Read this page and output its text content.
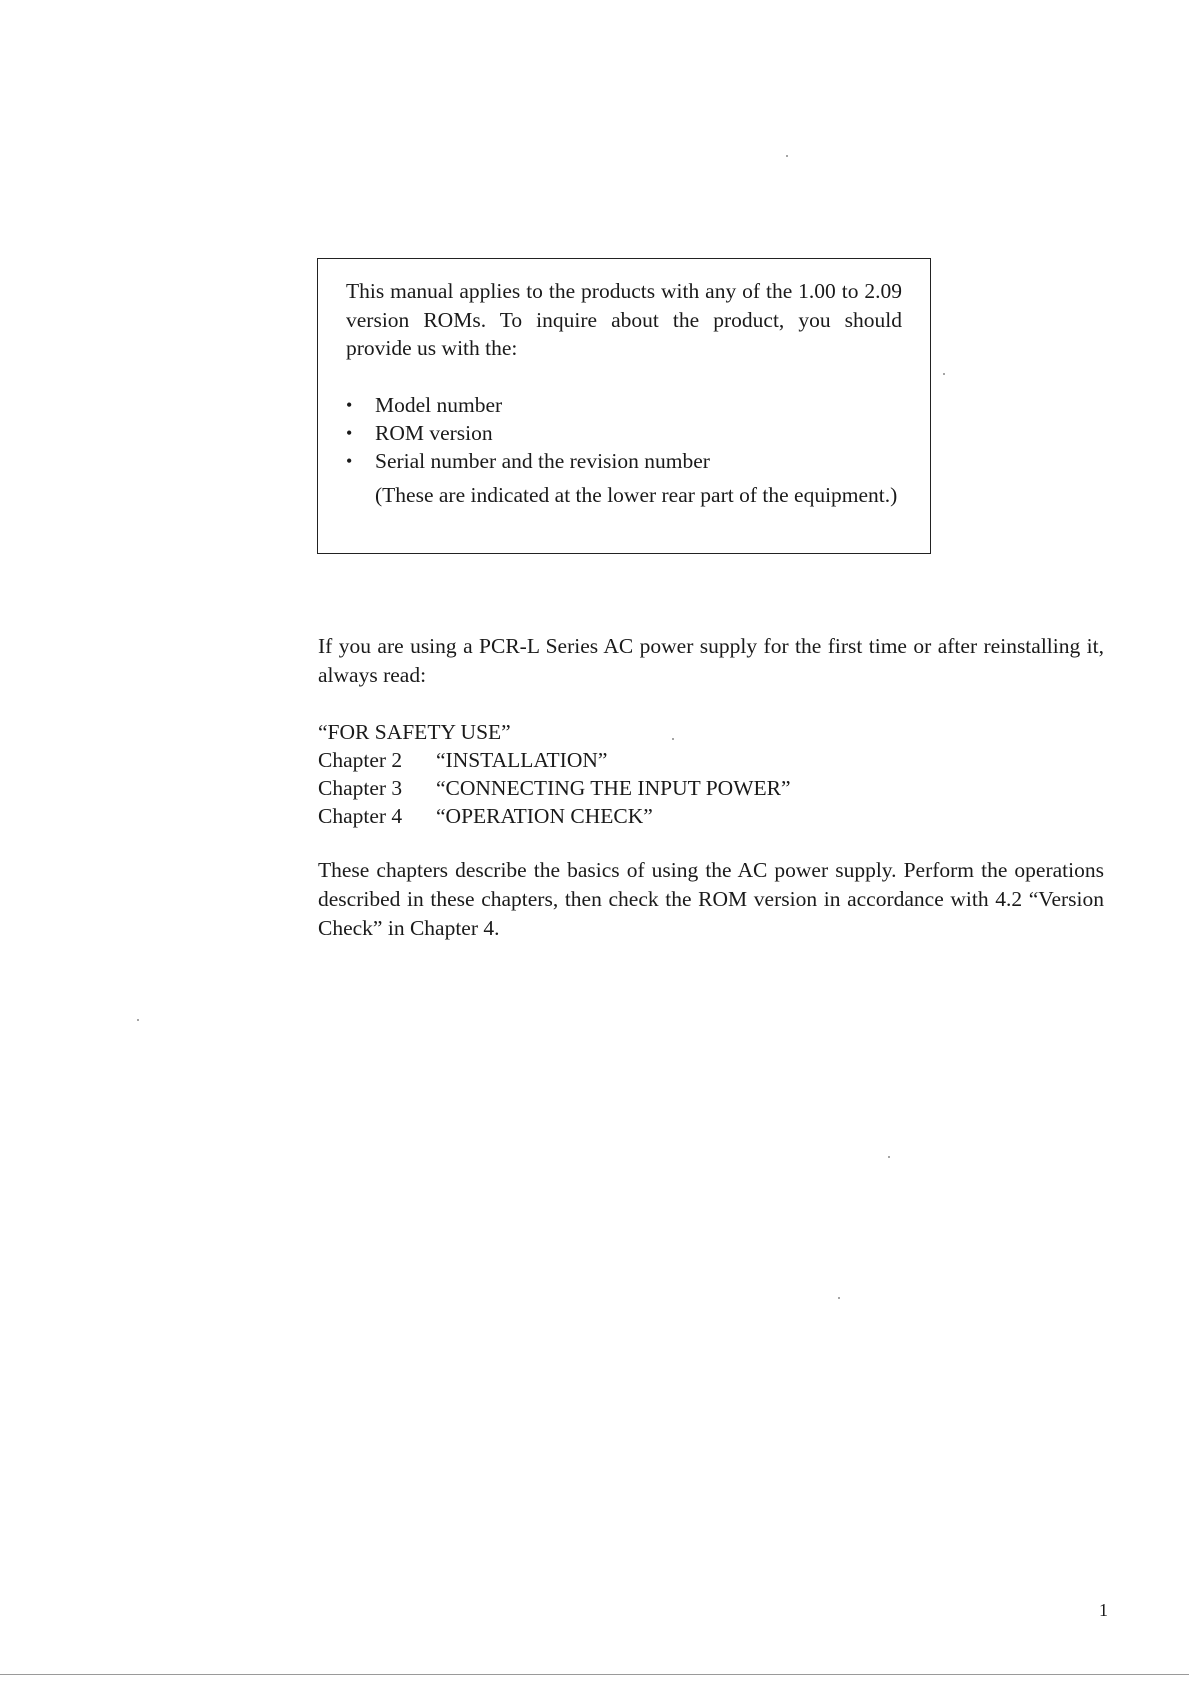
This manual applies to the products with any of the 1.00 to 2.09 version ROMs. To inquire about the product, you should provide us with the:

• Model number
• ROM version
• Serial number and the revision number

(These are indicated at the lower rear part of the equipment.)

If you are using a PCR-L Series AC power supply for the first time or after reinstalling it, always read:

“FOR SAFETY USE”
Chapter 2	“INSTALLATION”
Chapter 3	“CONNECTING THE INPUT POWER”
Chapter 4	“OPERATION CHECK”

These chapters describe the basics of using the AC power supply. Perform the operations described in these chapters, then check the ROM version in accordance with 4.2 “Version Check” in Chapter 4.

1
